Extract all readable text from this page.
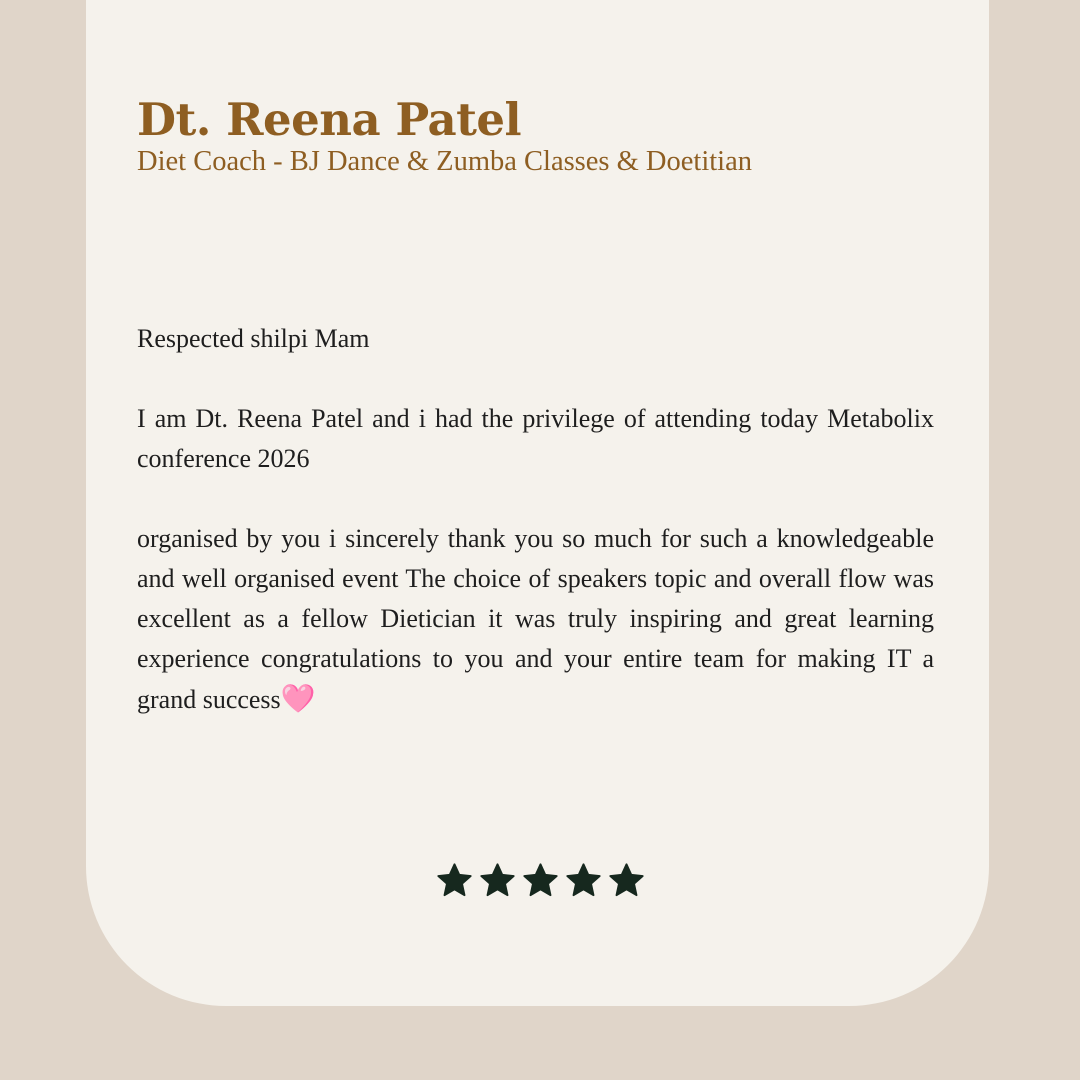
Dt. Reena Patel

Diet Coach - BJ Dance & Zumba Classes & Doetitian

Respected shilpi Mam

I am Dt. Reena Patel and i had the privilege of attending today Metabolix conference 2026

organised by you i sincerely thank you so much for such a knowledgeable and well organised event The choice of speakers topic and overall flow was excellent as a fellow Dietician it was truly inspiring and great learning experience congratulations to you and your entire team for making IT a grand success🩷
